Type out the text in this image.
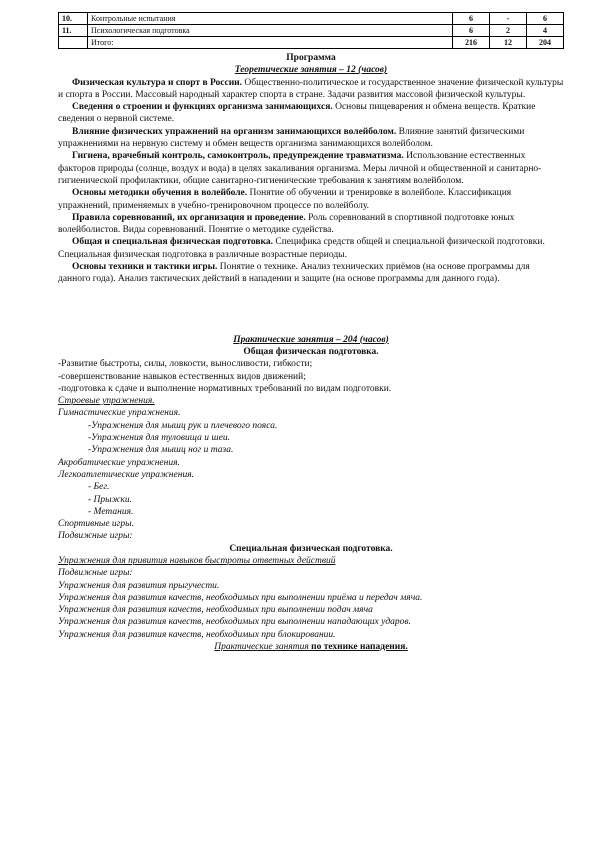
10.	Контрольные испытания	6	-	6
11.	Психологическая подготовка	6	2	4
	Итого:	216	12	204

Программа

Теоретические занятия – 12 (часов)

Физическая культура и спорт в России. Общественно-политическое и государственное значение физической культуры и спорта в России. Массовый народный характер спорта в стране. Задачи развития массовой физической культуры.

Сведения о строении и функциях организма занимающихся. Основы пищеварения и обмена веществ. Краткие сведения о нервной системе.

Влияние физических упражнений на организм занимающихся волейболом. Влияние занятий физическими упражнениями на нервную систему и обмен веществ организма занимающихся волейболом.

Гигиена, врачебный контроль, самоконтроль, предупреждение травматизма. Использование естественных факторов природы (солнце, воздух и вода) в целях закаливания организма. Меры личной и общественной и санитарно-гигиенической профилактики, общие санитарно-гигиенические требования к занятиям волейболом.

Основы методики обучения в волейболе. Понятие об обучении и тренировке в волейболе. Классификация упражнений, применяемых в учебно-тренировочном процессе по волейболу.

Правила соревнований, их организация и проведение. Роль соревнований в спортивной подготовке юных волейболистов. Виды соревнований. Понятие о методике судейства.

Общая и специальная физическая подготовка. Специфика средств общей и специальной физической подготовки. Специальная физическая подготовка в различные возрастные периоды.

Основы техники и тактики игры. Понятие о технике. Анализ технических приёмов (на основе программы для данного года). Анализ тактических действий в нападении и защите (на основе программы для данного года).

Практические занятия – 204 (часов)

Общая физическая подготовка.

-Развитие быстроты, силы, ловкости, выносливости, гибкости;

-совершенствование навыков естественных видов движений;

-подготовка к сдаче и выполнение нормативных требований по видам подготовки.

Строевые упражнения.

Гимнастические упражнения.

-Упражнения для мышц рук и плечевого пояса.

-Упражнения для туловища и шеи.

-Упражнения для мышц ног и таза.

Акробатические упражнения.

Легкоатлетические упражнения.

- Бег.

- Прыжки.

- Метания.

Спортивные игры.

Подвижные игры:

Специальная физическая подготовка.

Упражнения для привития навыков быстроты ответных действий

Подвижные игры:

Упражнения для развития прыгучести.

Упражнения для развития качеств, необходимых при выполнении приёма и передач мяча.

Упражнения для развития качеств, необходимых при выполнении подач мяча

Упражнения для развития качеств, необходимых при выполнении нападающих ударов.

Упражнения для развития качеств, необходимых при блокировании.

Практические занятия по технике нападения.
